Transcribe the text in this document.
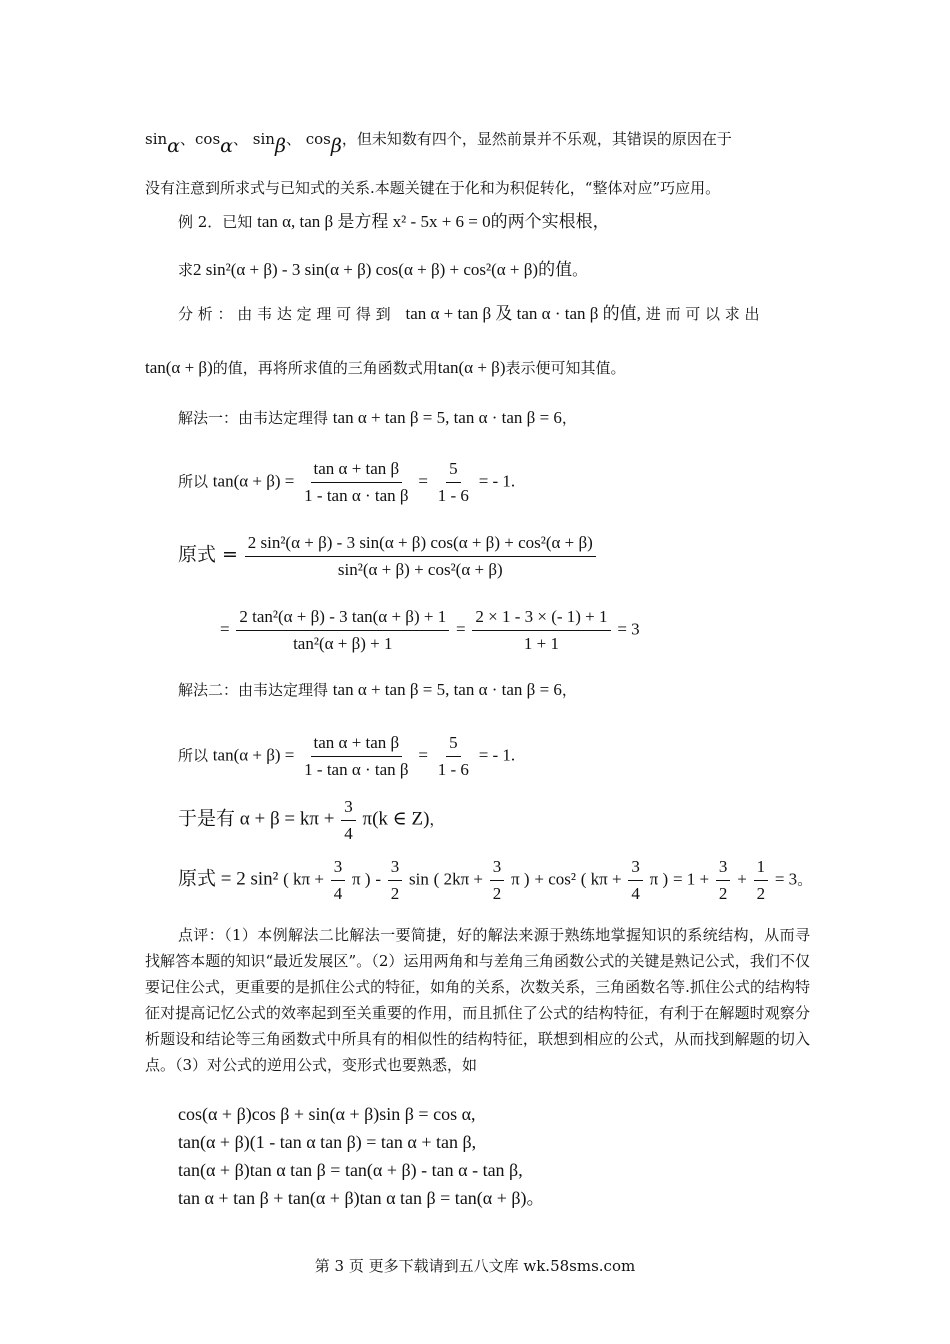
sinα、cosα、 sinβ、 cosβ，但未知数有四个，显然前景并不乐观，其错误的原因在于
没有注意到所求式与已知式的关系.本题关键在于化和为积促转化，“整体对应”巧应用。
例 2．已知 tan α, tan β 是方程 x² - 5x + 6 = 0的两个实根根，
求2 sin²(α + β) - 3 sin(α + β) cos(α + β) + cos²(α + β)的值。
分 析 ： 由 韦 达 定 理 可 得 到 tan α + tan β 及 tan α · tan β 的值, 进 而 可 以 求 出
tan(α + β)的值，再将所求值的三角函数式用tan(α + β)表示便可知其值。
解法一：由韦达定理得 tan α + tan β = 5, tan α · tan β = 6，
所以 $\tan(\alpha + \beta) = \frac{\text{tan α + tan β}}{\text{1 - tan α · tan β}} = \frac{5}{1 - 6}$ = - 1.
原式 = $\frac{\text{2 sin²(α + β) - 3 sin(α + β) cos(α + β) + cos²(α + β)}}{\text{sin²(α + β) + cos²(α + β)}}$
= $\frac{\text{2 tan²(α + β) - 3 tan(α + β) + 1}}{\text{tan²(α + β) + 1}} = \frac{2 \times 1 - 3 \times (- 1) + 1}{1 + 1} = 3$
解法二：由韦达定理得 tan α + tan β = 5, tan α · tan β = 6，
所以 $\tan(\alpha + \beta) = \frac{\text{tan α + tan β}}{\text{1 - tan α · tan β}} = \frac{5}{1 - 6}$ = - 1.
于是有 $\alpha + \beta = k\pi + \frac{3}{4} \pi(k$ ∈ Z)，
原式 = 2 sin² ( $k\pi + \frac{3}{4}$ π ) - $\frac{3}{2}$ sin ( $2k\pi + \frac{3}{2}$ π ) + cos² ( $k\pi + \frac{3}{4}$ π ) = $1 + \frac{3}{2} + \frac{1}{2} = 3$。
点评：（1）本例解法二比解法一要简捷，好的解法来源于熟练地掌握知识的系统结构，从而寻找解答本题的知识“最近发展区”。（2）运用两角和与差角三角函数公式的关键是熟记公式，我们不仅要记住公式，更重要的是抓住公式的特征，如角的关系，次数关系，三角函数名等.抓住公式的结构特征对提高记忆公式的效率起到至关重要的作用，而且抓住了公式的结构特征，有利于在解题时观察分析题设和结论等三角函数式中所具有的相似性的结构特征，联想到相应的公式，从而找到解题的切入点。（3）对公式的逆用公式，变形式也要熟悉，如
cos(α + β)cos β + sin(α + β)sin β = cos α,
tan(α + β)(1 - tan α tan β) = tan α + tan β,
tan(α + β)tan α tan β = tan(α + β) - tan α - tan β,
tan α + tan β + tan(α + β)tan α tan β = tan(α + β)。
第 3 页 更多下载请到五八文库 wk.58sms.com
